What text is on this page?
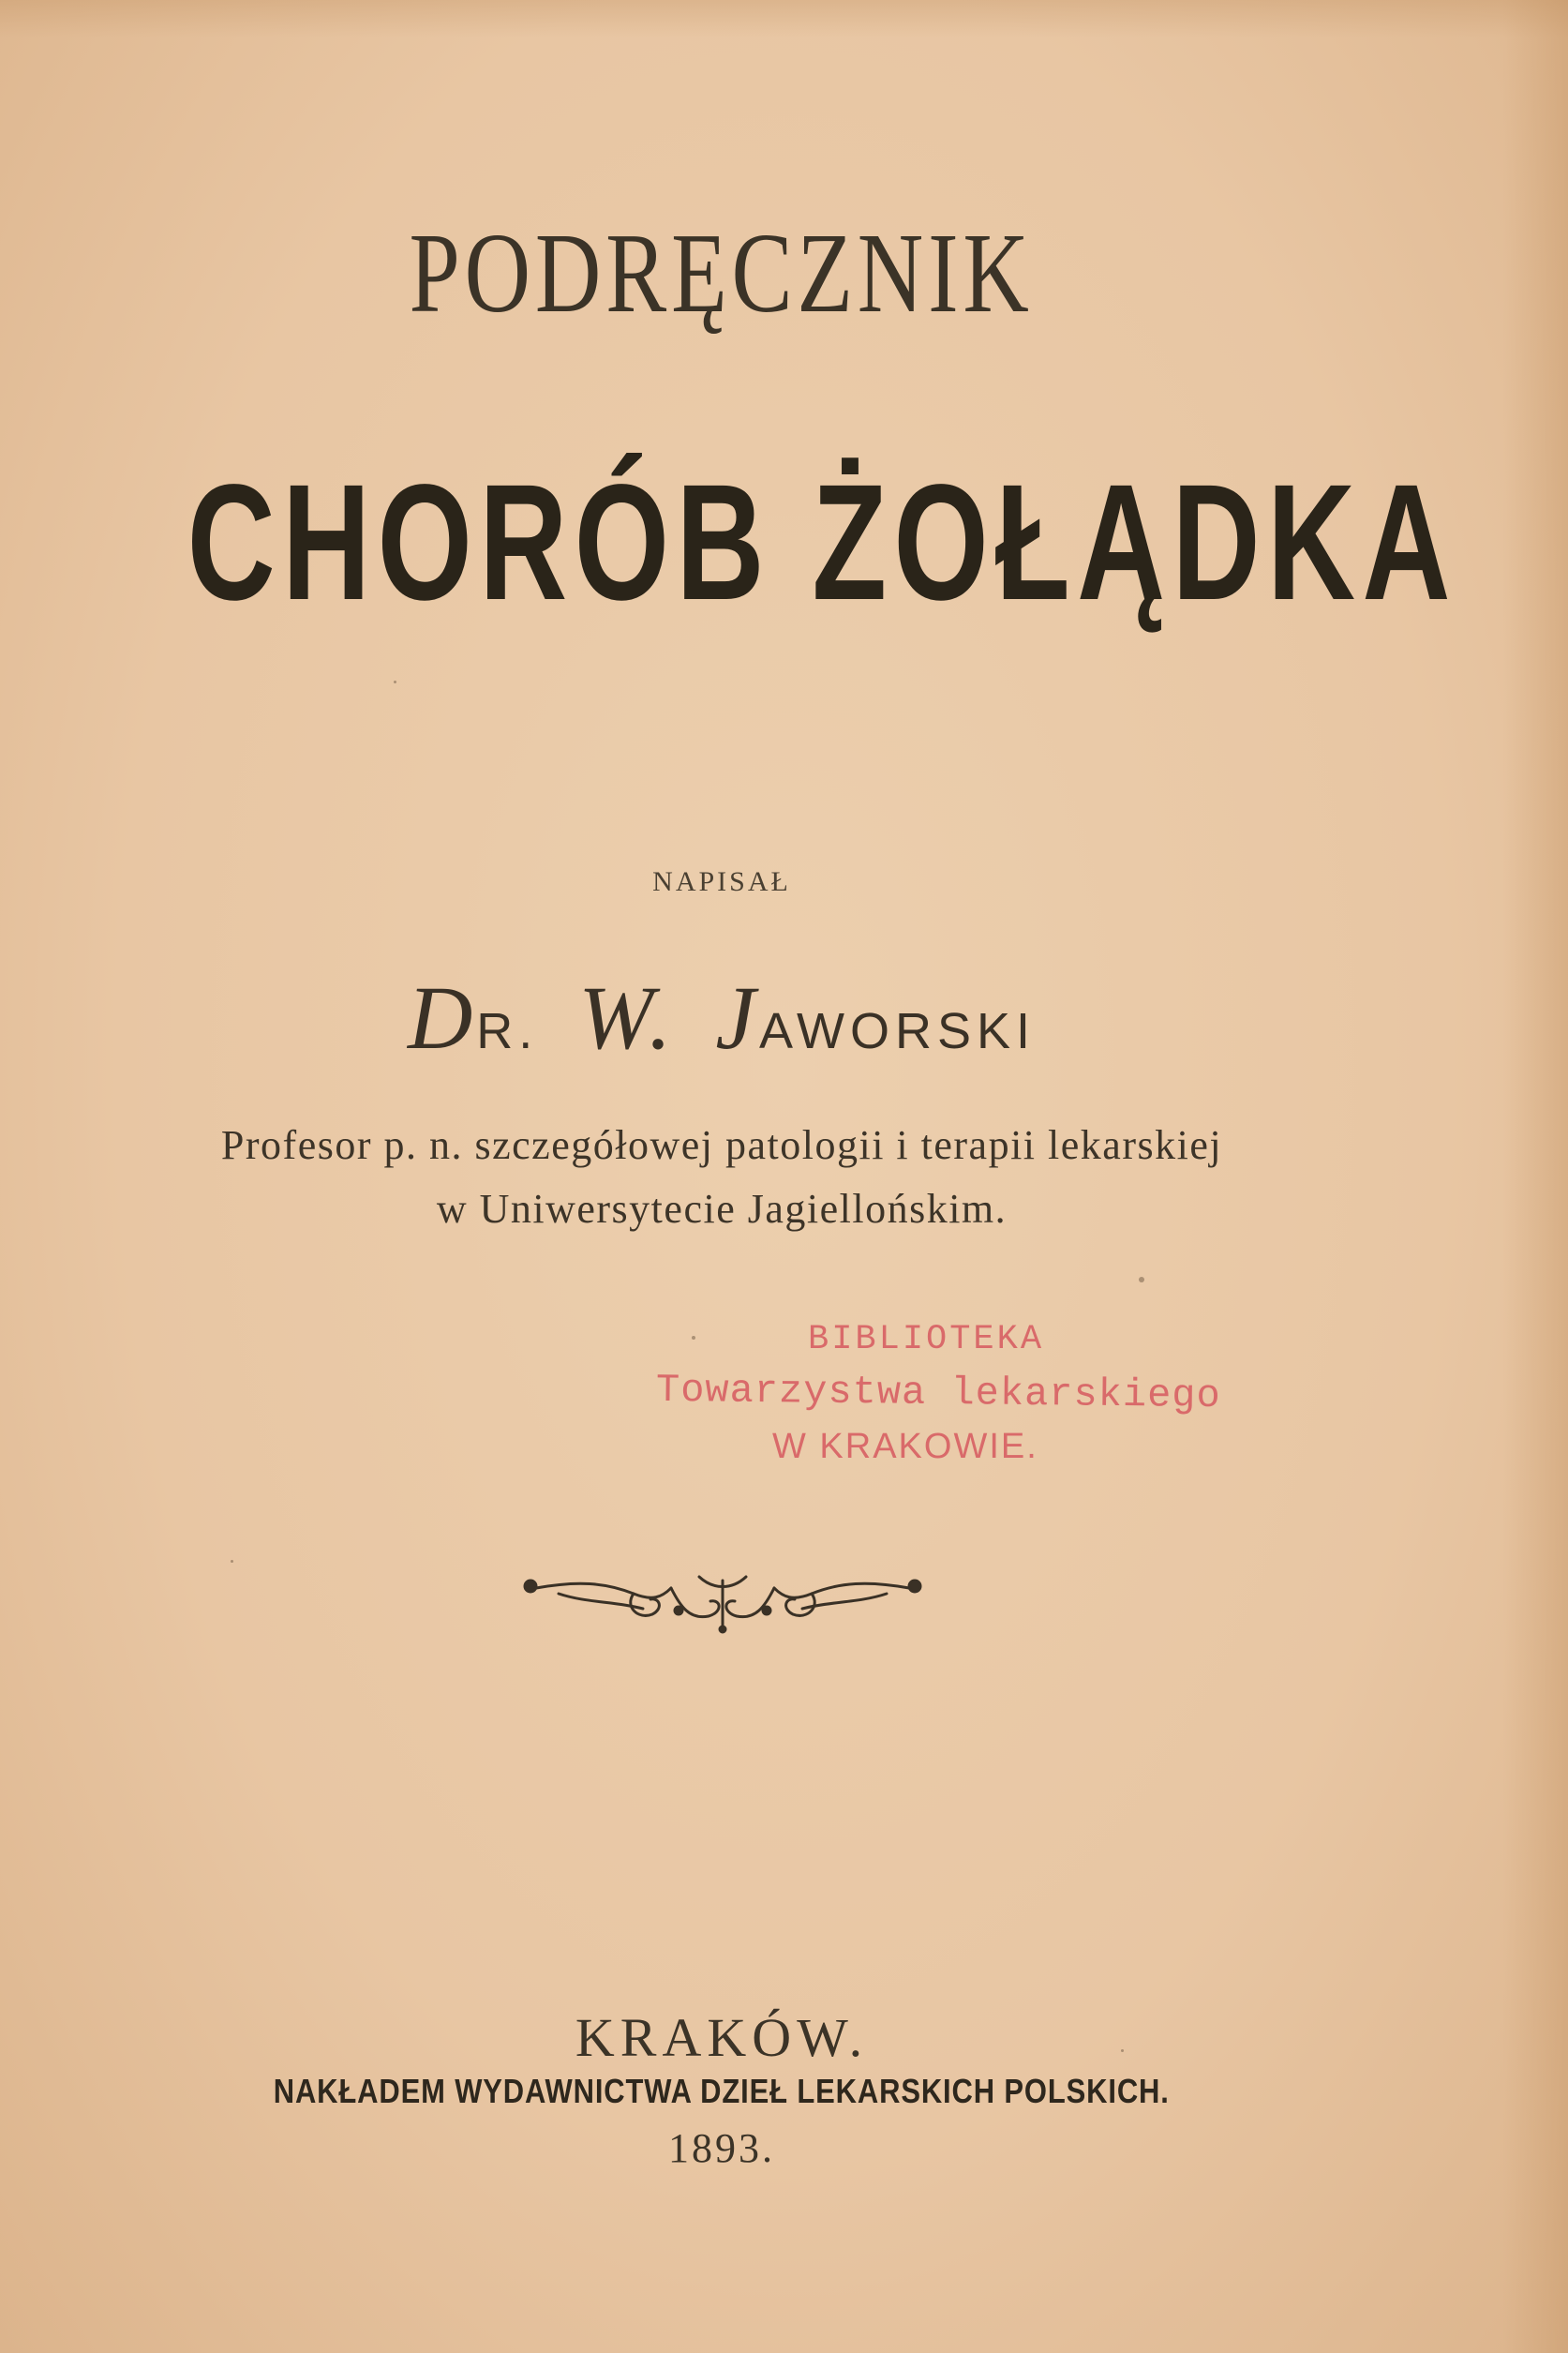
PODRĘCZNIK
CHORÓB ŻOŁĄDKA
NAPISAŁ
DR. W. JAWORSKI
Profesor p. n. szczegółowej patologii i terapii lekarskiej
w Uniwersytecie Jagiellońskim.
BIBLIOTEKA
Towarzystwa lekarskiego
W KRAKOWIE.
KRAKÓW.
NAKŁADEM WYDAWNICTWA DZIEŁ LEKARSKICH POLSKICH.
1893.
